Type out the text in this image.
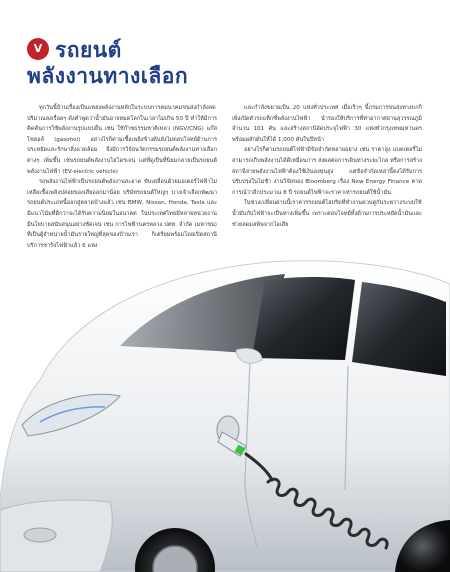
V รถยนต์
พลังงานทางเลือก

ทุกวันนี้บ้านเรื่องเป็นแหล่งพลังงานหลักในระบบการคมนาคมขนส่งกำลังลดปริมาณลงเรื่อยๆ ดังคำพูดว่าน้ำมันอาจหมดโลกในเวลาไม่เกิน 50 ปี ทำให้มีการคิดค้นการใช้พลังงานรูปแบบอื่น เช่น ใช้ก๊าซธรรมชาติเหลว (NGV/CNG) แก๊สโซฮอล์ (gasohol) อย่างไรก็ตามเชื้อเพลิงข้างต้นยังไม่ตอบโจทย์ด้านการประหยัดและรักษาสิ่งแวดล้อม จึงมีการวิจัยนวัตกรรมรถยนต์พลังงานทางเลือกต่างๆ เพิ่มขึ้น เช่นรถยนต์พลังงานไฮโดรเจน แต่ที่ดูเป็นที่นิยมกลายเป็นรถยนต์พลังงานไฟฟ้า (EV-electric vehicle)

รถพลังงานไฟฟ้าเป็นรถยนต์พลังงานสะอาด ขับเคลื่อนด้วยมอเตอร์ไฟฟ้าไม่เหลือเชื้อเพลิงปล่อยของเสียออกมาน้อย บริษัทรถยนต์ใหญ่ๆ บางเจ้าเลือกพัฒนารถยนต์ประเภทนี้ออกสู่ตลาดบ้างแล้ว เช่น BMW, Nissan, Honda, Tesla และมีแนวโน้มที่ดีกว่าจะได้รับความนิยมในอนาคต ในประเทศไทยมีหลายหน่วยงานมีนโยบายสนับสนุนอย่างชัดเจน เช่น การไฟฟ้านครหลวง ปตท. จำกัด (มหาชน) ที่เป็นผู้จำหน่ายน้ำมันรายใหญ่ที่สุดของบ้านเรา ก็เตรียมพร้อมโดยเปิดสถานีบริการชาร์จไฟฟ้าแล้ว 6 แห่ง

และกำลังขยายเป็น 20 แห่งทั่วประเทศ เมื่อเร็วๆ นี้กรมการขนส่งทางบกก็เพิ่งเปิดตัวรถแท็กซี่พลังงานไฟฟ้า นำร่องให้บริการที่ท่าอากาศยานสุวรรณภูมิจำนวน 101 คัน และสร้างสถานีอัดประจุไฟฟ้า 30 แห่งทั่วกรุงเทพมหานคร พร้อมผลักดันให้ได้ 1,000 คันในปีหน้า

อย่างไรก็ตามรถยนต์ไฟฟ้ามีข้อจำกัดหลายอย่าง เช่น ราคาสูง แบตเตอรี่ไม่สามารถเก็บพลังงานได้ดีเหมือนการ ส่งผลต่อการเดินทางระยะไกล หรือการสร้างสถานีจ่ายพลังงานไฟฟ้าต้องใช้เงินลงทุนสูง แต่ข้อจำกัดเหล่านี้คงได้รับการปรับปรุงในไม่ช้า งานวิจัยของ Bloomberg เรื่อง New Energy Finance คาดการณ์ว่าอีกประมาณ 8 ปี รถยนต์ไฟฟ้าจะราคาเท่ารถยนต์ใช้น้ำมัน

ในช่วงเปลี่ยนผ่านนี้เราควรรถยนต์ไฮบริดที่ทำงานควบคู่กันระหว่างระบบใช้น้ำมันกับไฟฟ้าจะเป็นทางเพิ่มขึ้น เพราะตอบโจทย์ทั้งด้านการประหยัดน้ำมันและช่วยลดมลพิษจากไอเสีย
